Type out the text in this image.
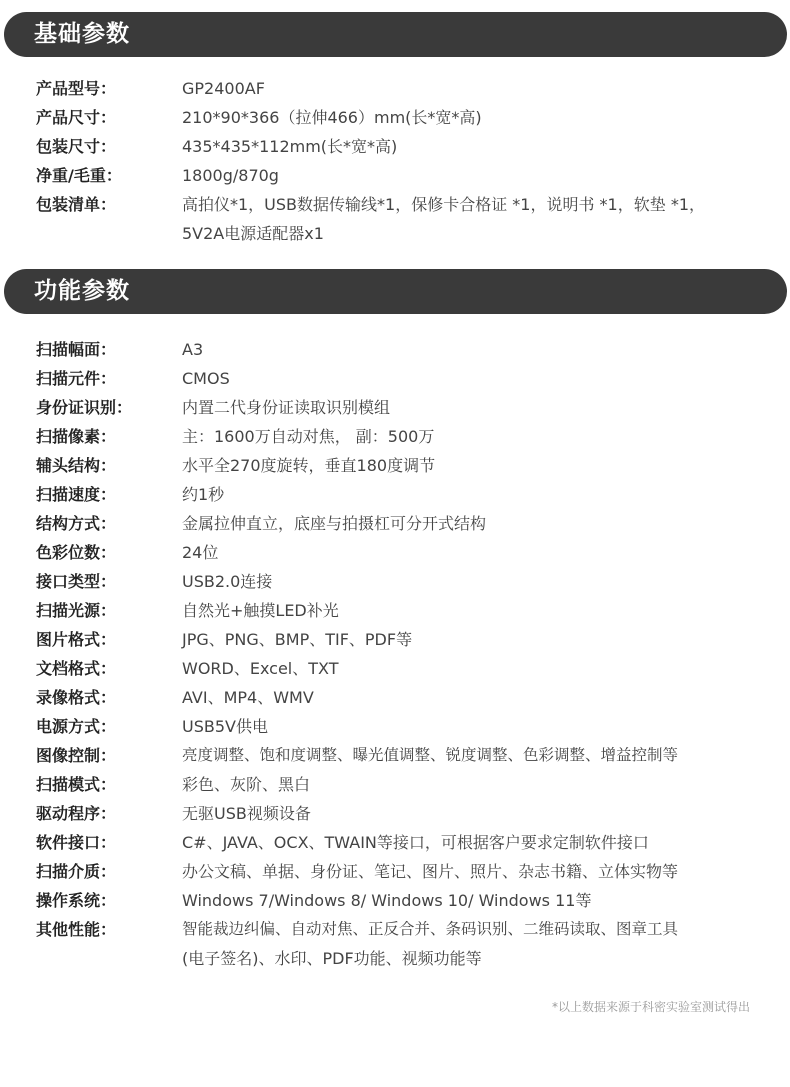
基础参数
产品型号：	GP2400AF
产品尺寸：	210*90*366（拉伸466）mm(长*宽*高)
包装尺寸：	435*435*112mm(长*宽*高)
净重/毛重：	1800g/870g
包装清单：	高拍仪*1，USB数据传输线*1，保修卡合格证 *1，说明书 *1，软垫 *1，
5V2A电源适配器x1
功能参数
扫描幅面：	A3
扫描元件：	CMOS
身份证识别：	内置二代身份证读取识别模组
扫描像素：	主：1600万自动对焦， 副：500万
辅头结构：	水平全270度旋转，垂直180度调节
扫描速度：	约1秒
结构方式：	金属拉伸直立，底座与拍摄杠可分开式结构
色彩位数：	24位
接口类型：	USB2.0连接
扫描光源：	自然光+触摸LED补光
图片格式：	JPG、PNG、BMP、TIF、PDF等
文档格式：	WORD、Excel、TXT
录像格式：	AVI、MP4、WMV
电源方式：	USB5V供电
图像控制：	亮度调整、饱和度调整、曝光值调整、锐度调整、色彩调整、增益控制等
扫描模式：	彩色、灰阶、黑白
驱动程序：	无驱USB视频设备
软件接口：	C#、JAVA、OCX、TWAIN等接口，可根据客户要求定制软件接口
扫描介质：	办公文稿、单据、身份证、笔记、图片、照片、杂志书籍、立体实物等
操作系统：	Windows 7/Windows 8/ Windows 10/ Windows 11等
其他性能：	智能裁边纠偏、自动对焦、正反合并、条码识别、二维码读取、图章工具
(电子签名)、水印、PDF功能、视频功能等
*以上数据来源于科密实验室测试得出
